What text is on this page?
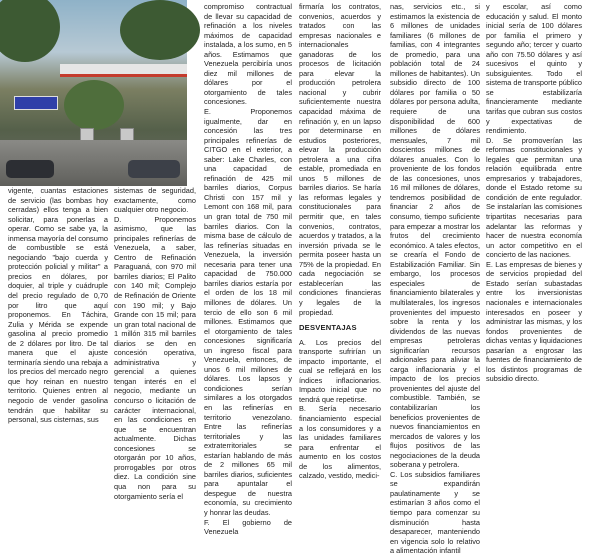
vigente, cuantas estaciones de servicio (las bombas hoy cerradas) ellos tenga a bien solicitar, para ponerlas a operar. Como se sabe ya, la inmensa mayoría del consumo de combustible se está negociando "bajo cuerda y protección policial y militar" a precios en dólares, por doquier, al triple y cuádruple del precio regulado de 0,70 por litro que aquí proponemos. En Táchira, Zulia y Mérida se expende gasolina al precio promedio de 2 dólares por litro. De tal manera que el ajuste terminaría siendo una rebaja a los precios del mercado negro que hoy reinan en nuestro territorio. Quienes entren al negocio de vender gasolina tendrán que habilitar su personal, sus cisternas, sus

sistemas de seguridad, exactamente, como cualquier otro negocio.

D. Proponemos asimismo, que las principales refinerías de Venezuela, a saber, Centro de Refinación Paraguaná, con 970 mil barriles diarios; El Palito con 140 mil; Complejo de Refinación de Oriente con 190 mil; y Bajo Grande con 15 mil; para un gran total nacional de 1 millón 315 mil barriles diarios se den en concesión operativa, administrativa y gerencial a quienes tengan interés en el negocio, mediante un concurso o licitación de carácter internacional, en las condiciones en que se encuentran actualmente. Dichas concesiones se otorgarán por 10 años, prorrogables por otros diez. La condición sine qua non para su otorgamiento sería el

compromiso contractual de llevar su capacidad de refinación a los niveles máximos de capacidad instalada, a los sumo, en 5 años. Estimamos que Venezuela percibiría unos diez mil millones de dólares por el otorgamiento de tales concesiones.

E. Proponemos igualmente, dar en concesión las tres principales refinerías de CITGO en el exterior, a saber: Lake Charles, con una capacidad de refinación de 425 mil barriles diarios, Corpus Christi con 157 mil y Lemont con 168 mil, para un gran total de 750 mil barriles diarios. Con la misma base de cálculo de las refinerías situadas en Venezuela, la inversión necesaria para tener una capacidad de 750.000 barriles diarios estaría por el orden de los 18 mil millones de dólares. Un tercio de ello son 6 mil millones. Estimamos que el otorgamiento de tales concesiones significaría un ingreso fiscal para Venezuela, entonces, de unos 6 mil millones de dólares. Los lapsos y condiciones serían similares a los otorgados en las refinerías en territorio venezolano. Entre las refinerías territoriales y las extraterritoriales se estarían hablando de más de 2 millones 65 mil barriles diarios, suficientes para apuntalar el despegue de nuestra economía, su crecimiento y honrar las deudas.

F. El gobierno de Venezuela

firmaría los contratos, convenios, acuerdos y tratados con las empresas nacionales e internacionales ganadoras de los procesos de licitación para elevar la producción petrolera nacional y cubrir suficientemente nuestra capacidad máxima de refinación y, en un lapso por determinarse en estudios posteriores, elevar la producción petrolera a una cifra estable, promediada en unos 5 millones de barriles diarios. Se haría las reformas legales y constitucionales para permitir que, en tales convenios, contratos, acuerdos y tratados, a la inversión privada se le permita poseer hasta un 75% de la propiedad. En cada negociación se establecerían las condiciones financieras y legales de la propiedad.

DESVENTAJAS

A. Los precios del transporte sufrirían un impacto importante, el cual se reflejará en los índices inflacionarios. Impacto inicial que no tendrá que repetirse.

B. Sería necesario financiamiento especial a los consumidores y a las unidades familiares para enfrentar el aumento en los costos de los alimentos, calzado, vestido, medici-

nas, servicios etc., si estimamos la existencia de 6 millones de unidades familiares (6 millones de familias, con 4 integrantes de promedio, para una población total de 24 millones de habitantes). Un subsidio directo de 100 dólares por familia o 50 dólares por persona adulta, requiere de una disponibilidad de 600 millones de dólares mensuales, 7 mil doscientos millones de dólares anuales. Con lo proveniente de los fondos de las concesiones, unos 16 mil millones de dólares, tendremos posibilidad de financiar 2 años de consumo, tiempo suficiente para empezar a mostrar los frutos del crecimiento económico. A tales efectos, se crearía el Fondo de Estabilización Familiar. Sin embargo, los procesos especiales de financiamiento bilaterales y multilaterales, los ingresos provenientes del impuesto sobre la renta y los dividendos de las nuevas empresas petroleras significarían recursos adicionales para aliviar la carga inflacionaria y el impacto de los precios provenientes del ajuste del combustible. También, se contabilizarían los beneficios provenientes de nuevos financiamientos en mercados de valores y los flujos positivos de las negociaciones de la deuda soberana y petrolera.

C. Los subsidios familiares se expandirán paulatinamente y se estimarían 3 años como el tiempo para comenzar su disminución hasta desaparecer, manteniendo en vigencia solo lo relativo a alimentación infantil

y escolar, así como educación y salud. El monto inicial sería de 100 dólares por familia el primero y segundo año; tercer y cuarto año con 75.50 dólares y así sucesivos el quinto y subsiguientes. Todo el sistema de transporte público se estabilizaría financieramente mediante tarifas que cubran sus costos y expectativas de rendimiento.

D. Se promoverían las reformas constitucionales y legales que permitan una relación equilibrada entre empresarios y trabajadores, donde el Estado retome su condición de ente regulador. Se instalarían las comisiones tripartitas necesarias para adelantar las reformas y hacer de nuestra economía un actor competitivo en el concierto de las naciones.

E. Las empresas de bienes y de servicios propiedad del Estado serían subastadas entre los inversionistas nacionales e internacionales interesados en poseer y administrar las mismas, y los fondos provenientes de dichas ventas y liquidaciones pasarían a engrosar las fuentes de financiamiento de los distintos programas de subsidio directo.
